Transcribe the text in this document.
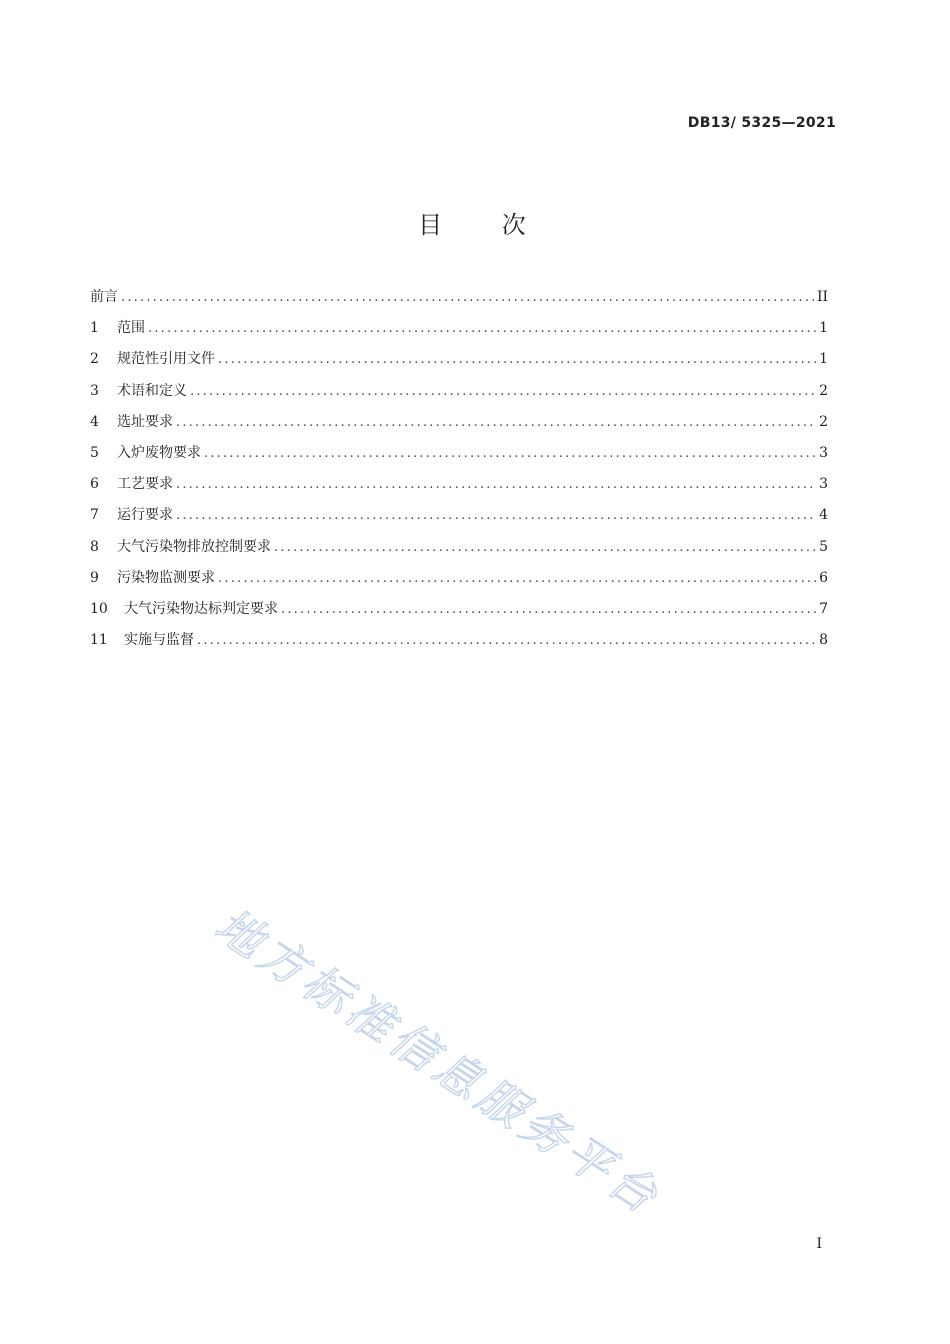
DB13/ 5325—2021
目 次
前言 .....	II
1	范围 .....	1
2	规范性引用文件 .....	1
3	术语和定义 .....	2
4	选址要求 .....	2
5	入炉废物要求 .....	3
6	工艺要求 .....	3
7	运行要求 .....	4
8	大气污染物排放控制要求 .....	5
9	污染物监测要求 .....	6
10	大气污染物达标判定要求 .....	7
11	实施与监督 .....	8
地方标准信息服务平台
I
